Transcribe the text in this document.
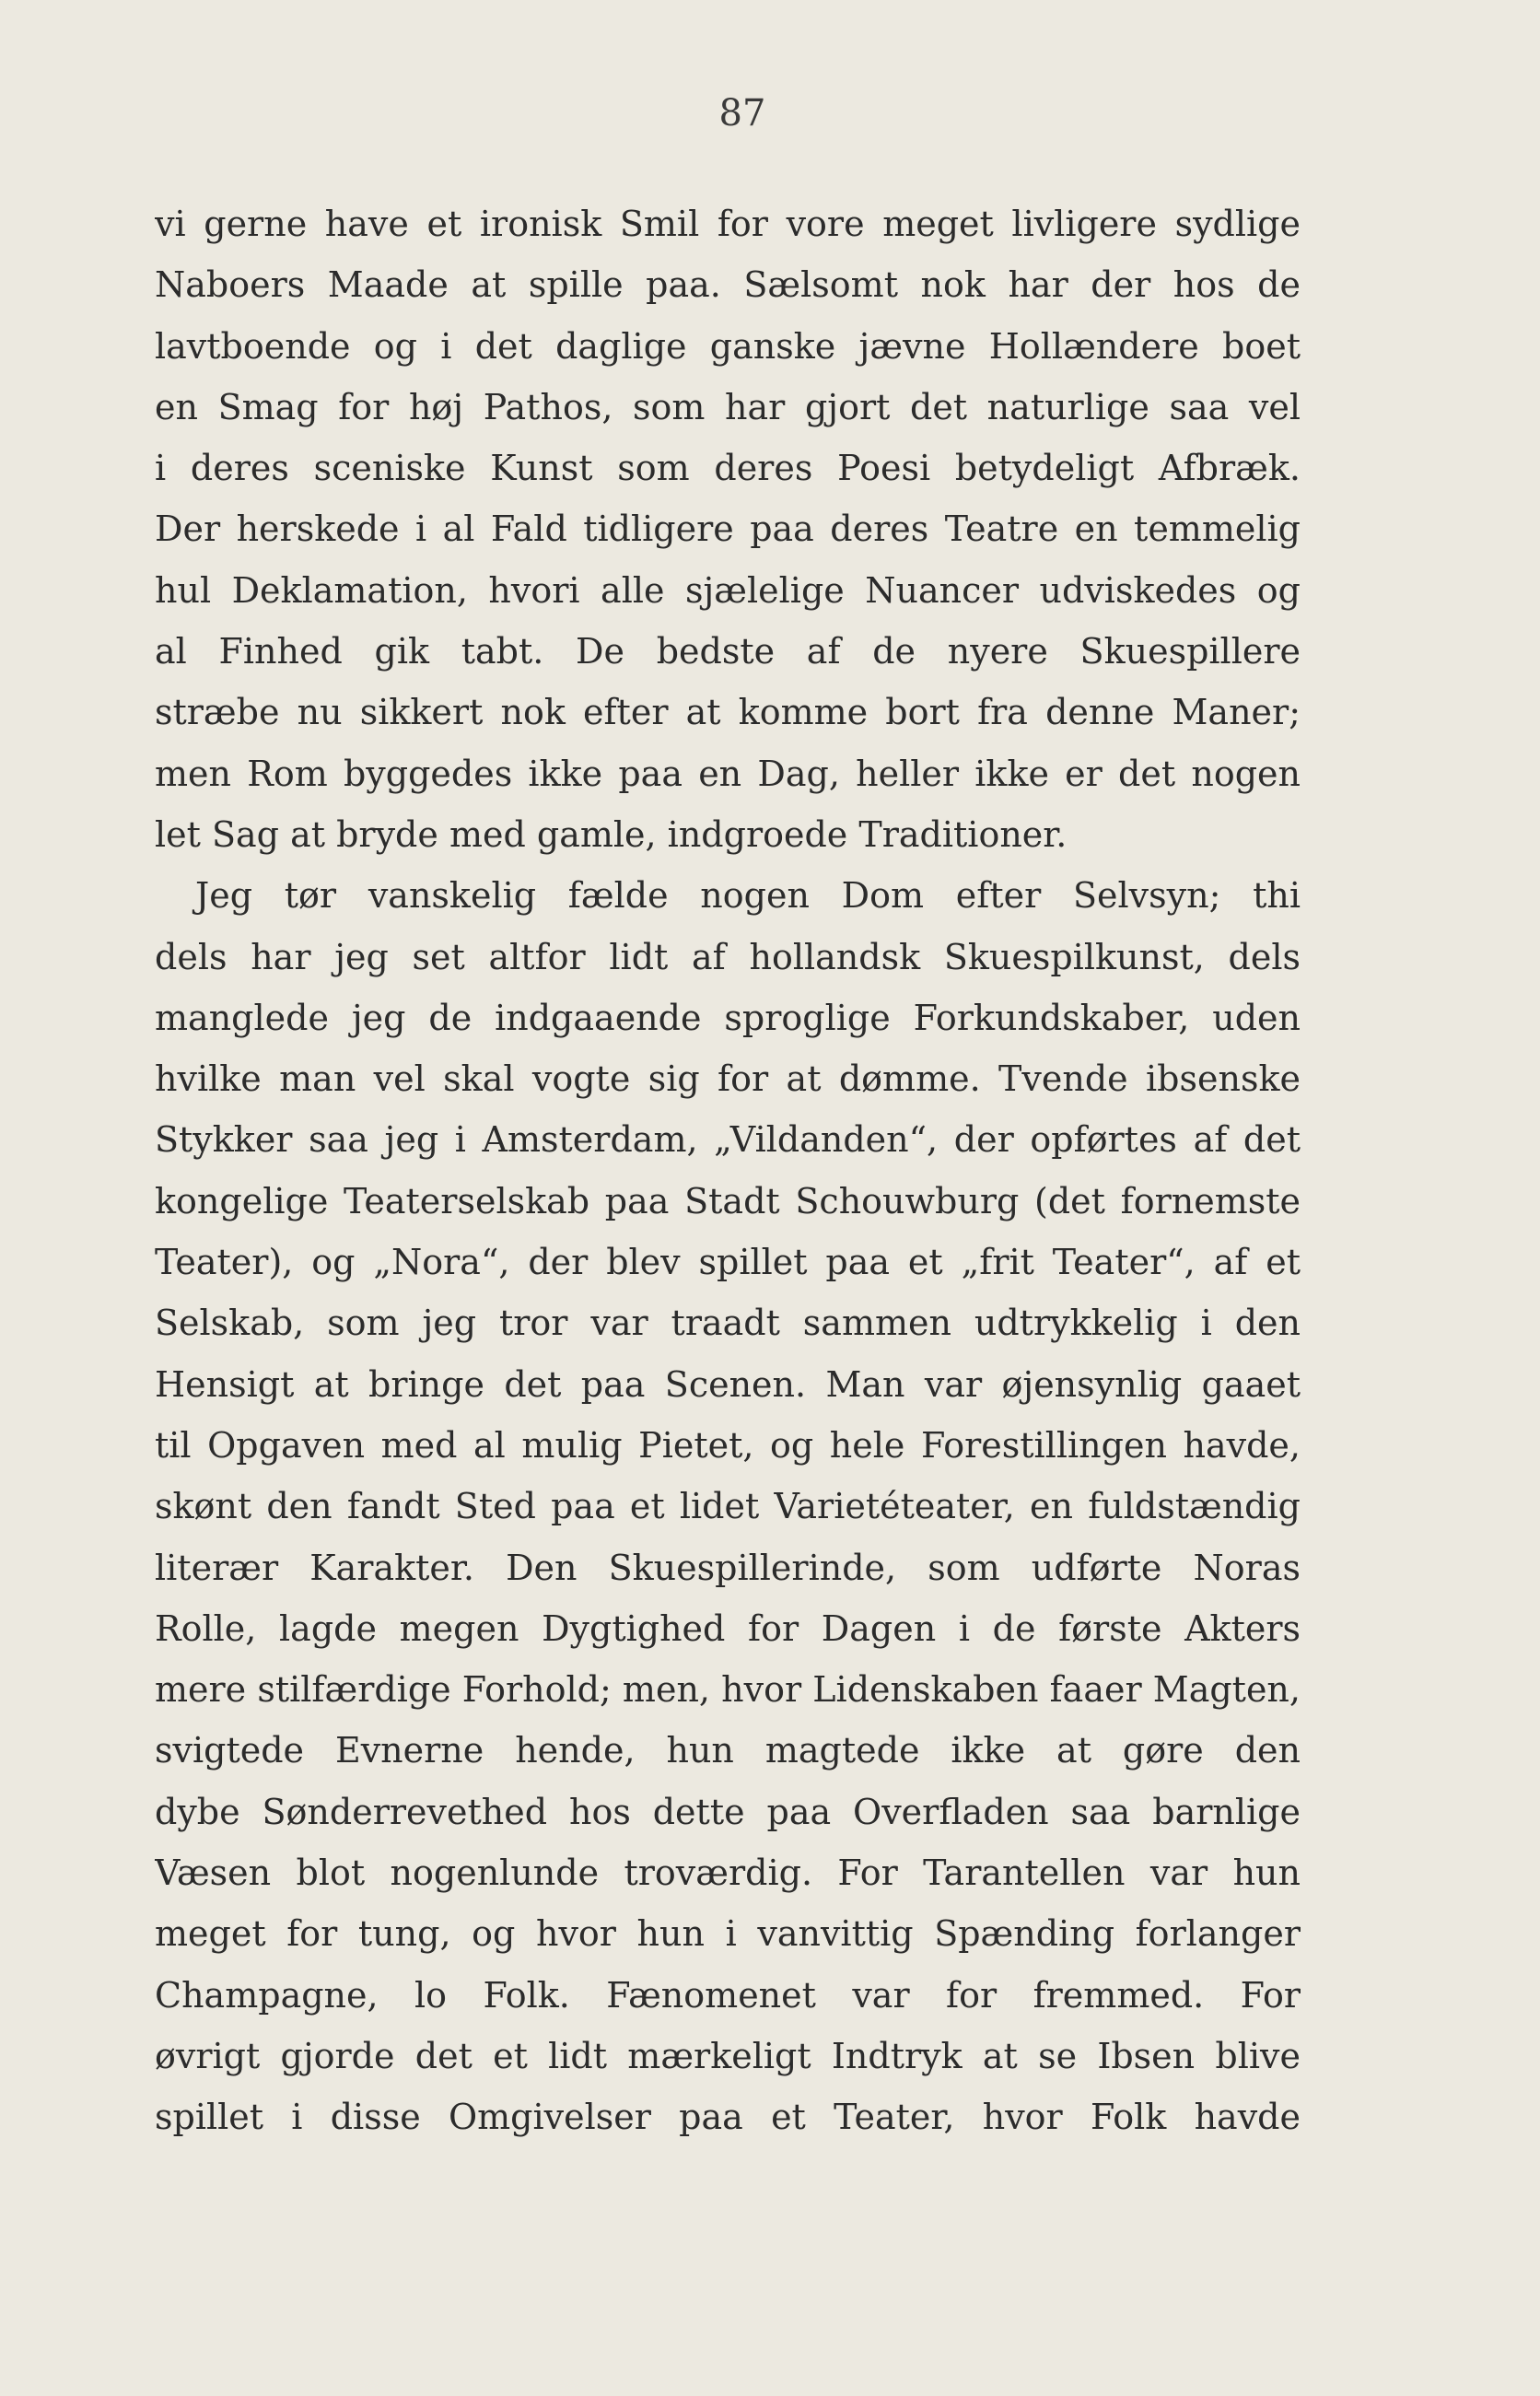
87
vi gerne have et ironisk Smil for vore meget livligere sydlige
Naboers Maade at spille paa. Sælsomt nok har der hos de
lavtboende og i det daglige ganske jævne Hollændere boet
en Smag for høj Pathos, som har gjort det naturlige saa vel
i deres sceniske Kunst som deres Poesi betydeligt Afbræk.
Der herskede i al Fald tidligere paa deres Teatre en temmelig
hul Deklamation, hvori alle sjælelige Nuancer udviskedes og
al Finhed gik tabt. De bedste af de nyere Skuespillere
stræbe nu sikkert nok efter at komme bort fra denne Maner;
men Rom byggedes ikke paa en Dag, heller ikke er det nogen
let Sag at bryde med gamle, indgroede Traditioner.
Jeg tør vanskelig fælde nogen Dom efter Selvsyn; thi
dels har jeg set altfor lidt af hollandsk Skuespilkunst, dels
manglede jeg de indgaaende sproglige Forkundskaber, uden
hvilke man vel skal vogte sig for at dømme. Tvende ibsenske
Stykker saa jeg i Amsterdam, „Vildanden“, der opførtes af det
kongelige Teaterselskab paa Stadt Schouwburg (det fornemste
Teater), og „Nora“, der blev spillet paa et „frit Teater“, af et
Selskab, som jeg tror var traadt sammen udtrykkelig i den
Hensigt at bringe det paa Scenen. Man var øjensynlig gaaet
til Opgaven med al mulig Pietet, og hele Forestillingen havde,
skønt den fandt Sted paa et lidet Varietéteater, en fuldstændig
literær Karakter. Den Skuespillerinde, som udførte Noras
Rolle, lagde megen Dygtighed for Dagen i de første Akters
mere stilfærdige Forhold; men, hvor Lidenskaben faaer Magten,
svigtede Evnerne hende, hun magtede ikke at gøre den
dybe Sønderrevethed hos dette paa Overfladen saa barnlige
Væsen blot nogenlunde troværdig. For Tarantellen var hun
meget for tung, og hvor hun i vanvittig Spænding forlanger
Champagne, lo Folk. Fænomenet var for fremmed. For
øvrigt gjorde det et lidt mærkeligt Indtryk at se Ibsen blive
spillet i disse Omgivelser paa et Teater, hvor Folk havde
